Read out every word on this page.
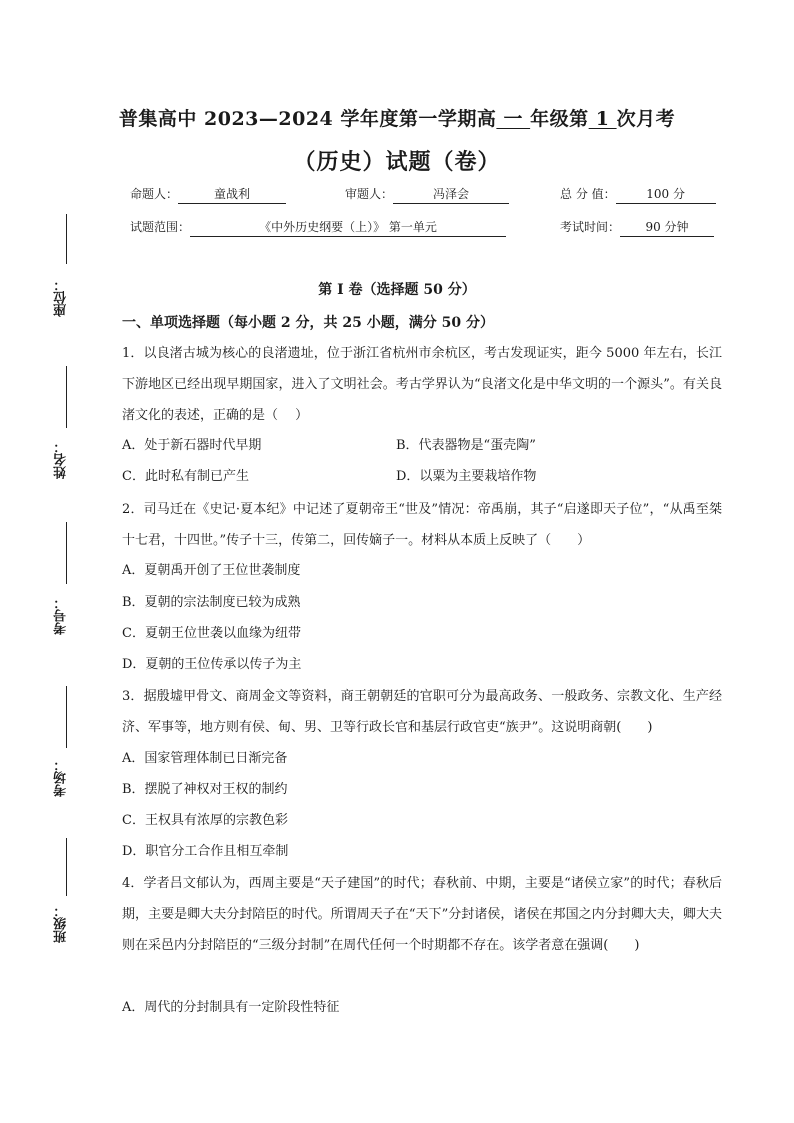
普集高中 2023—2024 学年度第一学期高 一 年级第 1 次月考
（历史）试题（卷）
命题人：	童战利	审题人：	冯泽会	总 分 值：	100 分
试题范围：	《中外历史纲要（上）》 第一单元	考试时间： 90 分钟
座位：
姓名：
考号：
考场：
班级：
第 I 卷（选择题 50 分）
一、单项选择题（每小题 2 分，共 25 小题，满分 50 分）
1．以良渚古城为核心的良渚遗址，位于浙江省杭州市余杭区，考古发现证实，距今 5000 年左右，长江下游地区已经出现早期国家，进入了文明社会。考古学界认为“良渚文化是中华文明的一个源头”。有关良渚文化的表述，正确的是（　 ）
A．处于新石器时代早期	B．代表器物是“蛋壳陶”
C．此时私有制已产生	D．以粟为主要栽培作物
2．司马迁在《史记·夏本纪》中记述了夏朝帝王“世及”情况：帝禹崩，其子“启遂即天子位”，“从禹至桀十七君，十四世。”传子十三，传第二，回传嫡子一。材料从本质上反映了（　　）
A．夏朝禹开创了王位世袭制度
B．夏朝的宗法制度已较为成熟
C．夏朝王位世袭以血缘为纽带
D．夏朝的王位传承以传子为主
3．据殷墟甲骨文、商周金文等资料，商王朝朝廷的官职可分为最高政务、一般政务、宗教文化、生产经济、军事等，地方则有侯、甸、男、卫等行政长官和基层行政官吏“族尹”。这说明商朝(　　)
A．国家管理体制已日渐完备
B．摆脱了神权对王权的制约
C．王权具有浓厚的宗教色彩
D．职官分工合作且相互牵制
4．学者吕文郁认为，西周主要是“天子建国”的时代；春秋前、中期，主要是“诸侯立家”的时代；春秋后期，主要是卿大夫分封陪臣的时代。所谓周天子在“天下”分封诸侯，诸侯在邦国之内分封卿大夫，卿大夫则在采邑内分封陪臣的“三级分封制”在周代任何一个时期都不存在。该学者意在强调(　　)
A．周代的分封制具有一定阶段性特征
